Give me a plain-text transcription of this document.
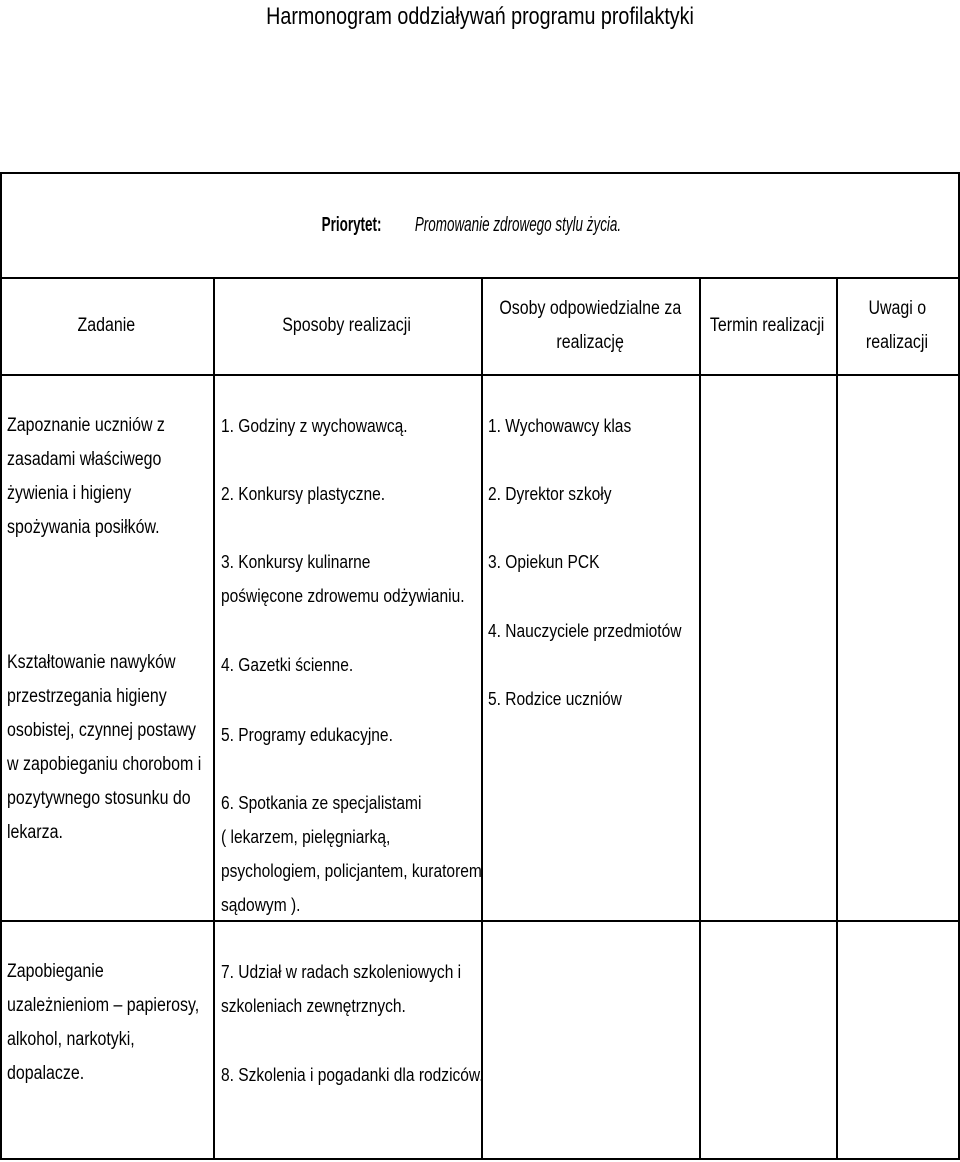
Harmonogram oddziaływań programu profilaktyki
Priorytet: Promowanie zdrowego stylu życia.
Zadanie	Sposoby realizacji
Osoby odpowiedzialne za
realizację
Termin realizacji
Uwagi o
realizacji
Zapoznanie uczniów z
zasadami właściwego
żywienia i higieny
spożywania posiłków.
Kształtowanie nawyków
przestrzegania higieny
osobistej, czynnej postawy
w zapobieganiu chorobom i
pozytywnego stosunku do
lekarza.
Zapobieganie
uzależnieniom – papierosy,
alkohol, narkotyki,
dopalacze.
1. Godziny z wychowawcą.
2. Konkursy plastyczne.
3. Konkursy kulinarne
poświęcone zdrowemu odżywianiu.
4. Gazetki ścienne.
5. Programy edukacyjne.
6. Spotkania ze specjalistami
( lekarzem, pielęgniarką,
psychologiem, policjantem, kuratorem
sądowym ).
7. Udział w radach szkoleniowych i
szkoleniach zewnętrznych.
8. Szkolenia i pogadanki dla rodziców.
1. Wychowawcy klas
2. Dyrektor szkoły
3. Opiekun PCK
4. Nauczyciele przedmiotów
5. Rodzice uczniów
